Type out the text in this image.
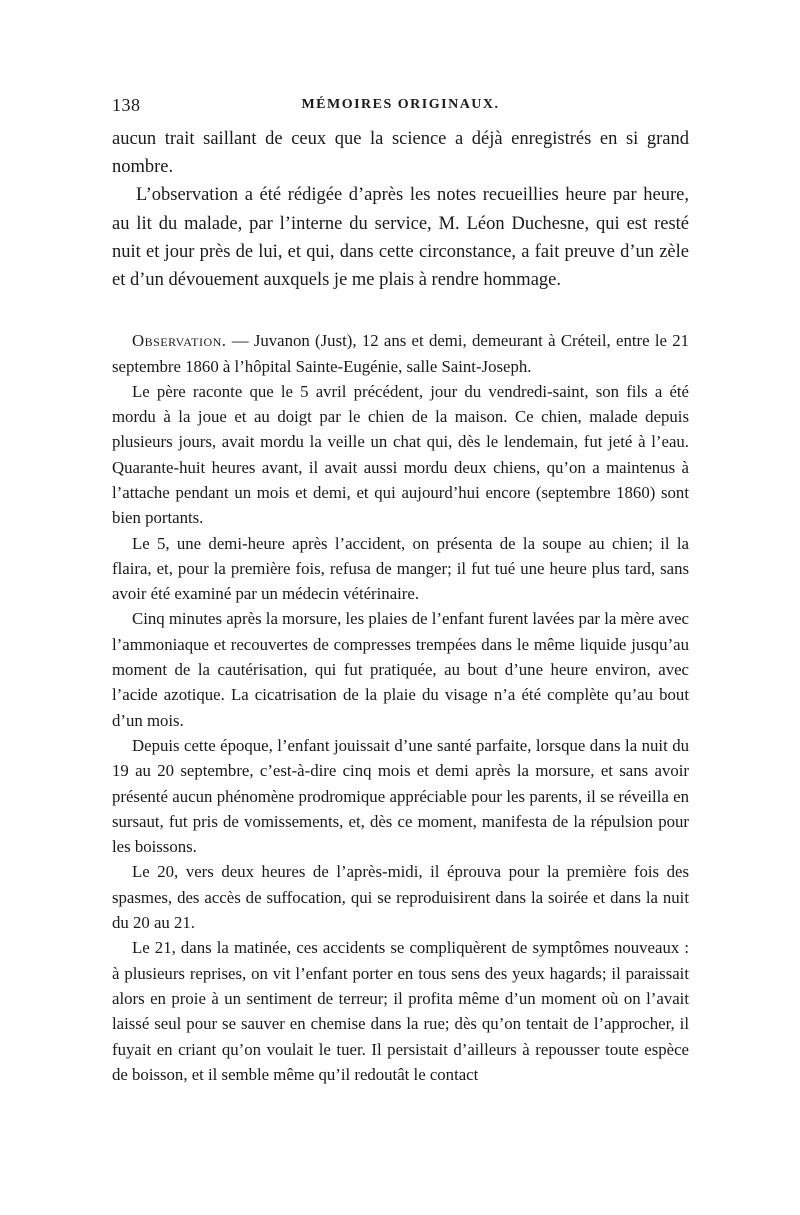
138	MÉMOIRES ORIGINAUX.

aucun trait saillant de ceux que la science a déjà enregistrés en si grand nombre.

L’observation a été rédigée d’après les notes recueillies heure par heure, au lit du malade, par l’interne du service, M. Léon Duchesne, qui est resté nuit et jour près de lui, et qui, dans cette circonstance, a fait preuve d’un zèle et d’un dévouement auxquels je me plais à rendre hommage.

Observation. — Juvanon (Just), 12 ans et demi, demeurant à Créteil, entre le 21 septembre 1860 à l’hôpital Sainte-Eugénie, salle Saint-Joseph.

Le père raconte que le 5 avril précédent, jour du vendredi-saint, son fils a été mordu à la joue et au doigt par le chien de la maison. Ce chien, malade depuis plusieurs jours, avait mordu la veille un chat qui, dès le lendemain, fut jeté à l’eau. Quarante-huit heures avant, il avait aussi mordu deux chiens, qu’on a maintenus à l’attache pendant un mois et demi, et qui aujourd’hui encore (septembre 1860) sont bien portants.

Le 5, une demi-heure après l’accident, on présenta de la soupe au chien; il la flaira, et, pour la première fois, refusa de manger; il fut tué une heure plus tard, sans avoir été examiné par un médecin vétérinaire.

Cinq minutes après la morsure, les plaies de l’enfant furent lavées par la mère avec l’ammoniaque et recouvertes de compresses trempées dans le même liquide jusqu’au moment de la cautérisation, qui fut pratiquée, au bout d’une heure environ, avec l’acide azotique. La cicatrisation de la plaie du visage n’a été complète qu’au bout d’un mois.

Depuis cette époque, l’enfant jouissait d’une santé parfaite, lorsque dans la nuit du 19 au 20 septembre, c’est-à-dire cinq mois et demi après la morsure, et sans avoir présenté aucun phénomène prodromique appréciable pour les parents, il se réveilla en sursaut, fut pris de vomissements, et, dès ce moment, manifesta de la répulsion pour les boissons.

Le 20, vers deux heures de l’après-midi, il éprouva pour la première fois des spasmes, des accès de suffocation, qui se reproduisirent dans la soirée et dans la nuit du 20 au 21.

Le 21, dans la matinée, ces accidents se compliquèrent de symptômes nouveaux : à plusieurs reprises, on vit l’enfant porter en tous sens des yeux hagards; il paraissait alors en proie à un sentiment de terreur; il profita même d’un moment où on l’avait laissé seul pour se sauver en chemise dans la rue; dès qu’on tentait de l’approcher, il fuyait en criant qu’on voulait le tuer. Il persistait d’ailleurs à repousser toute espèce de boisson, et il semble même qu’il redoutât le contact
